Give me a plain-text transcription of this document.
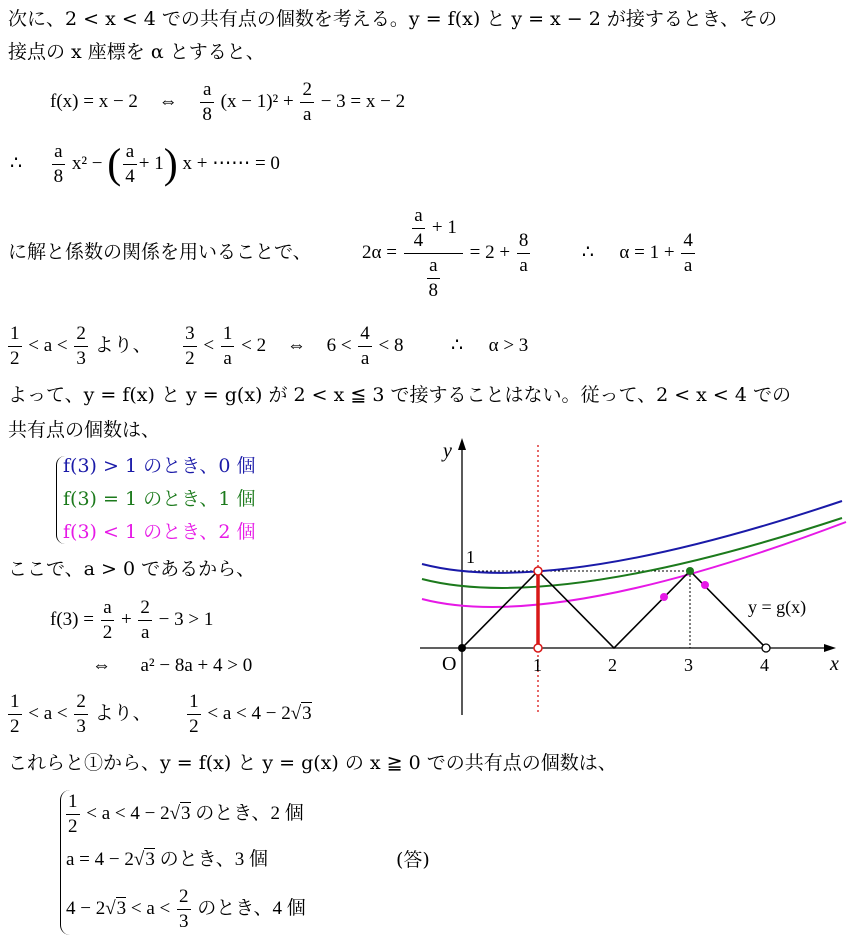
次に、2 < x < 4 での共有点の個数を考える。y = f(x) と y = x − 2 が接するとき、その
接点の x 座標を α とすると、
f(x) = x − 2 ⇔ $\frac{a}{8} (x - 1)^2 + \frac{2}{a} - 3 = x - 2$
∴ $\frac{a}{8} x^2$ − ( $\frac{a}{4} + 1$) x + ⋯⋯ = 0
に解と係数の関係を用いることで、	$2\alpha = \frac{\frac{a}{4} + 1}{\frac{a}{8}} = 2 + \frac{8}{a}$	∴ $\alpha = 1 + \frac{4}{a}$
$\frac{1}{2} < a < \frac{2}{3}$ より、 $\frac{3}{2} < \frac{1}{a} < 2$ ⇔ $6 < \frac{4}{a} < 8$	∴ α > 3
よって、y = f(x) と y = g(x) が 2 < x ≦ 3 で接することはない。従って、2 < x < 4 での
共有点の個数は、
f(3) > 1 のとき、0 個
f(3) = 1 のとき、1 個
f(3) < 1 のとき、2 個
ここで、a > 0 であるから、
$f(3) = \frac{a}{2} + \frac{2}{a} - 3 > 1$
⇔ a² − 8a + 4 > 0
$\frac{1}{2} < a < \frac{2}{3}$ より、 $\frac{1}{2} < a < 4 - 2√3$
これらと①から、y = f(x) と y = g(x) の x ≧ 0 での共有点の個数は、
$\frac{1}{2} < a < 4 - 2√3$ のとき、2 個
a = 4 − 2√3 のとき、3 個	(答)
$4 - 2√3 < a < \frac{2}{3}$ のとき、4 個
y
x
O
1
1	2	3	4
y = g(x)
